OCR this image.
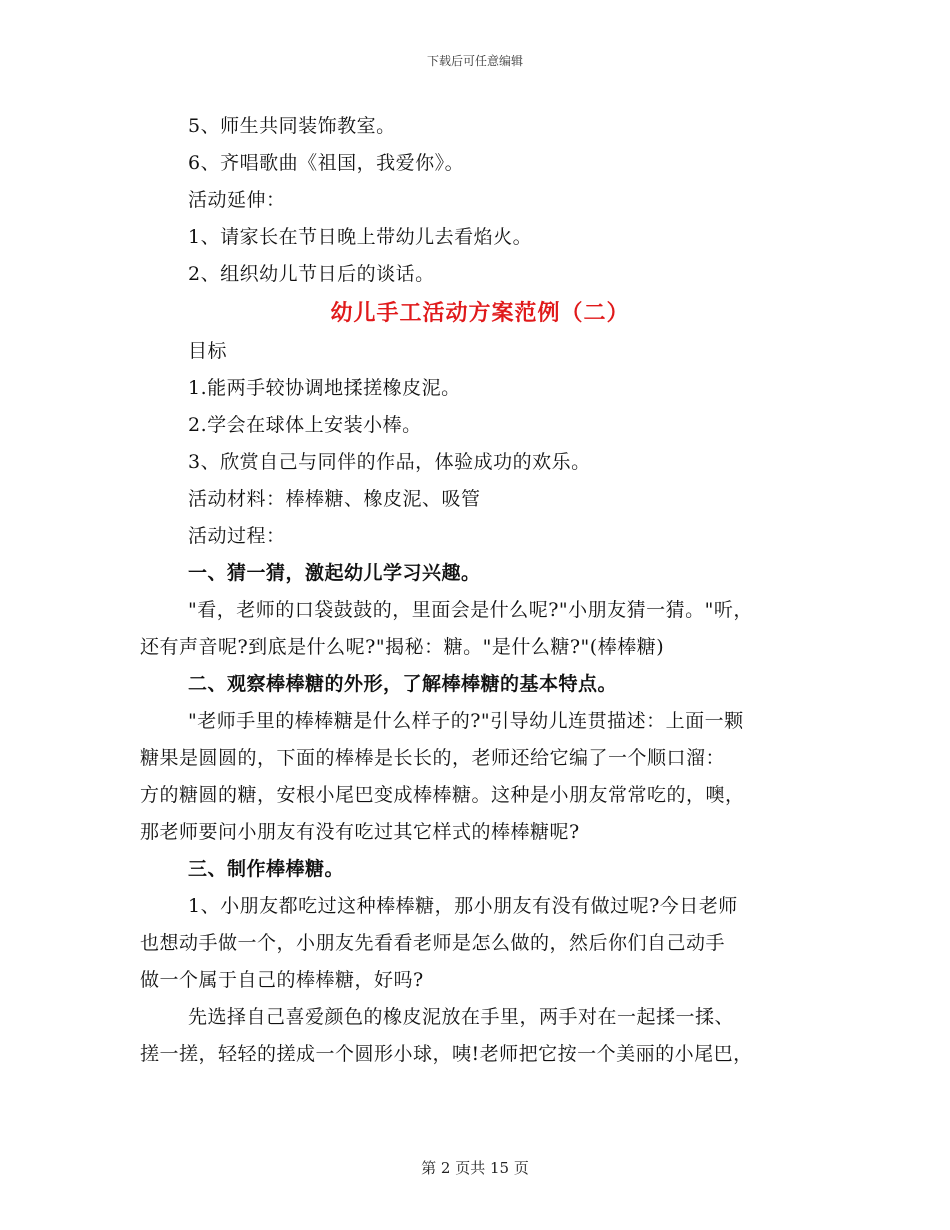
下载后可任意编辑
5、师生共同装饰教室。
6、齐唱歌曲《祖国，我爱你》。
活动延伸：
1、请家长在节日晚上带幼儿去看焰火。
2、组织幼儿节日后的谈话。
幼儿手工活动方案范例（二）
目标
1.能两手较协调地揉搓橡皮泥。
2.学会在球体上安装小棒。
3、欣赏自己与同伴的作品，体验成功的欢乐。
活动材料：棒棒糖、橡皮泥、吸管
活动过程：
一、猜一猜，激起幼儿学习兴趣。
"看，老师的口袋鼓鼓的，里面会是什么呢?"小朋友猜一猜。"听，
还有声音呢?到底是什么呢?"揭秘：糖。"是什么糖?"(棒棒糖)
二、观察棒棒糖的外形，了解棒棒糖的基本特点。
"老师手里的棒棒糖是什么样子的?"引导幼儿连贯描述：上面一颗
糖果是圆圆的，下面的棒棒是长长的，老师还给它编了一个顺口溜：
方的糖圆的糖，安根小尾巴变成棒棒糖。这种是小朋友常常吃的，噢，
那老师要问小朋友有没有吃过其它样式的棒棒糖呢?
三、制作棒棒糖。
1、小朋友都吃过这种棒棒糖，那小朋友有没有做过呢?今日老师
也想动手做一个，小朋友先看看老师是怎么做的，然后你们自己动手
做一个属于自己的棒棒糖，好吗?
先选择自己喜爱颜色的橡皮泥放在手里，两手对在一起揉一揉、
搓一搓，轻轻的搓成一个圆形小球，咦!老师把它按一个美丽的小尾巴，
第 2 页共 15 页
